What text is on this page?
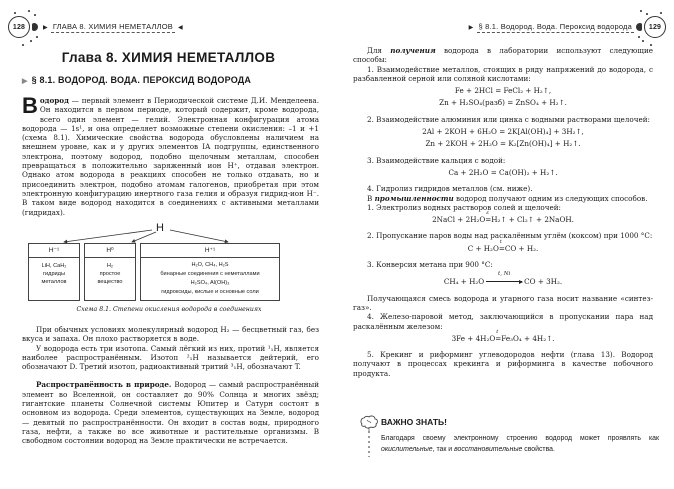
128	▶ ГЛАВА 8. ХИМИЯ НЕМЕТАЛЛОВ ◀
Глава 8. ХИМИЯ НЕМЕТАЛЛОВ
▶ § 8.1. ВОДОРОД. ВОДА. ПЕРОКСИД ВОДОРОДА

Водород — первый элемент в Периодической системе Д.И. Менделеева. Он находится в первом периоде, который содержит, кроме водорода, всего один элемент — гелий. Электронная конфигурация атома водорода — 1s¹, и она определяет возможные степени окисления: –1 и +1 (схема 8.1). Химические свойства водорода обусловлены наличием на внешнем уровне, как и у других элементов IA подгруппы, единственного электрона, поэтому водород, подобно щелочным металлам, способен превращаться в положительно заряженный ион H⁺, отдавая электрон. Однако атом водорода в реакциях способен не только отдавать, но и присоединить электрон, подобно атомам галогенов, приобретая при этом электронную конфигурацию инертного газа гелия и образуя гидрид-ион H⁻. В таком виде водород находится в соединениях с активными металлами (гидридах).

H
H⁻¹
LiH, CaH₂
гидриды
металлов
H⁰
H₂
простое
вещество
H⁺¹
H₂O, CH₄, H₂S
бинарные соединения с неметаллами
H₂SO₄, Al(OH)₃
гидроксиды, кислые и основные соли
Схема 8.1. Степени окисления водорода в соединениях

При обычных условиях молекулярный водород H₂ — бесцветный газ, без вкуса и запаха. Он плохо растворяется в воде.

У водорода есть три изотопа. Самый лёгкий из них, протий ¹₁H, является наиболее распространённым. Изотоп ²₁H называется дейтерий, его обозначают D. Третий изотоп, радиоактивный тритий ³₁H, обозначают T.

Распространённость в природе. Водород — самый распространённый элемент во Вселенной, он составляет до 90% Солнца и многих звёзд; гигантские планеты Солнечной системы Юпитер и Сатурн состоят в основном из водорода. Среди элементов, существующих на Земле, водород — девятый по распространённости. Он входит в состав воды, природного газа, нефти, а также во все животные и растительные организмы. В свободном состоянии водород на Земле практически не встречается.

▶ § 8.1. Водород. Вода. Пероксид водорода	129

Для получения водорода в лаборатории используют следующие способы:

1. Взаимодействие металлов, стоящих в ряду напряжений до водорода, с разбавленной серной или соляной кислотами:

Fe + 2HCl = FeCl₂ + H₂↑,
Zn + H₂SO₄(разб) = ZnSO₄ + H₂↑.

2. Взаимодействие алюминия или цинка с водными растворами щелочей:

2Al + 2KOH + 6H₂O = 2K[Al(OH)₄] + 3H₂↑,
Zn + 2KOH + 2H₂O = K₂[Zn(OH)₄] + H₂↑.

3. Взаимодействие кальция с водой:

Ca + 2H₂O = Ca(OH)₂ + H₂↑.

4. Гидролиз гидридов металлов (см. ниже).

В промышленности водород получают одним из следующих способов.

1. Электролиз водных растворов солей и щелочей:

2NaCl + 2H₂O=
ε
H₂↑ + Cl₂↑ + 2NaOH.

2. Пропускание паров воды над раскалённым углём (коксом) при 1000 °C:

C + H₂O=
t
CO + H₂.

3. Конверсия метана при 900 °C:

CH₄ + H₂O
t, Ni
CO + 3H₂.

Получающаяся смесь водорода и угарного газа носит название «синтез-газ».

4. Железо-паровой метод, заключающийся в пропускании пара над раскалённым железом:

3Fe + 4H₂O=
t
Fe₃O₄ + 4H₂↑.

5. Крекинг и риформинг углеводородов нефти (глава 13). Водород получают в процессах крекинга и риформинга в качестве побочного продукта.

ВАЖНО ЗНАТЬ!
Благодаря своему электронному строению водород может проявлять как окислительные, так и восстановительные свойства.
